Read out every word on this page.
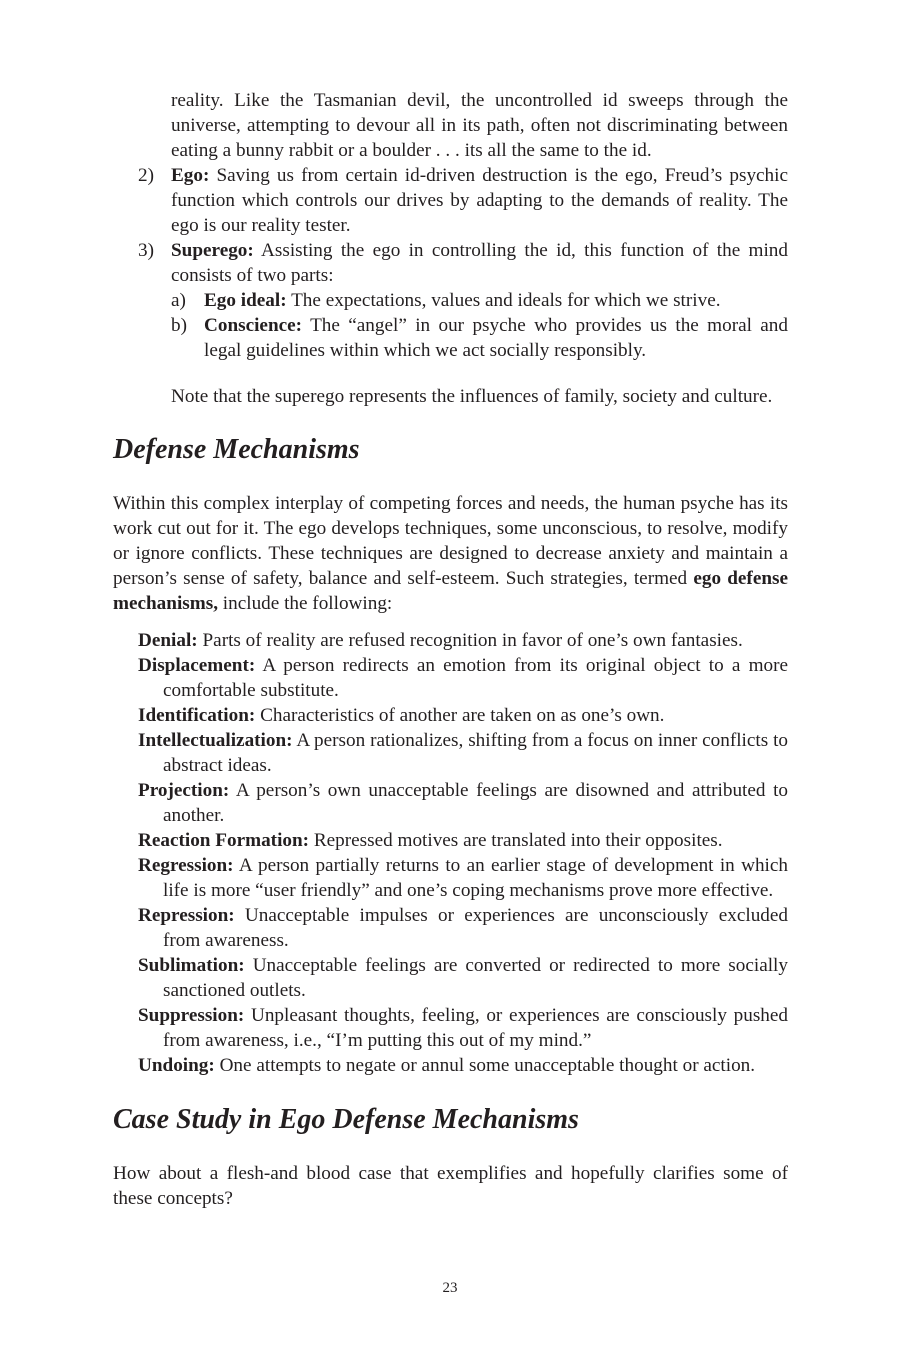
reality. Like the Tasmanian devil, the uncontrolled id sweeps through the universe, attempting to devour all in its path, often not discriminating between eating a bunny rabbit or a boulder . . . its all the same to the id.

2) Ego: Saving us from certain id-driven destruction is the ego, Freud’s psychic function which controls our drives by adapting to the demands of reality. The ego is our reality tester.

3) Superego: Assisting the ego in controlling the id, this function of the mind consists of two parts:

a) Ego ideal: The expectations, values and ideals for which we strive.

b) Conscience: The “angel” in our psyche who provides us the moral and legal guidelines within which we act socially responsibly.

Note that the superego represents the influences of family, society and culture.

Defense Mechanisms

Within this complex interplay of competing forces and needs, the human psyche has its work cut out for it. The ego develops techniques, some unconscious, to resolve, modify or ignore conflicts. These techniques are designed to decrease anxiety and maintain a person’s sense of safety, balance and self-esteem. Such strategies, termed ego defense mechanisms, include the following:

Denial: Parts of reality are refused recognition in favor of one’s own fantasies.

Displacement: A person redirects an emotion from its original object to a more comfortable substitute.

Identification: Characteristics of another are taken on as one’s own.

Intellectualization: A person rationalizes, shifting from a focus on inner conflicts to abstract ideas.

Projection: A person’s own unacceptable feelings are disowned and attributed to another.

Reaction Formation: Repressed motives are translated into their opposites.

Regression: A person partially returns to an earlier stage of development in which life is more “user friendly” and one’s coping mechanisms prove more effective.

Repression: Unacceptable impulses or experiences are unconsciously excluded from awareness.

Sublimation: Unacceptable feelings are converted or redirected to more socially sanctioned outlets.

Suppression: Unpleasant thoughts, feeling, or experiences are consciously pushed from awareness, i.e., “I’m putting this out of my mind.”

Undoing: One attempts to negate or annul some unacceptable thought or action.

Case Study in Ego Defense Mechanisms

How about a flesh-and blood case that exemplifies and hopefully clarifies some of these concepts?

23
